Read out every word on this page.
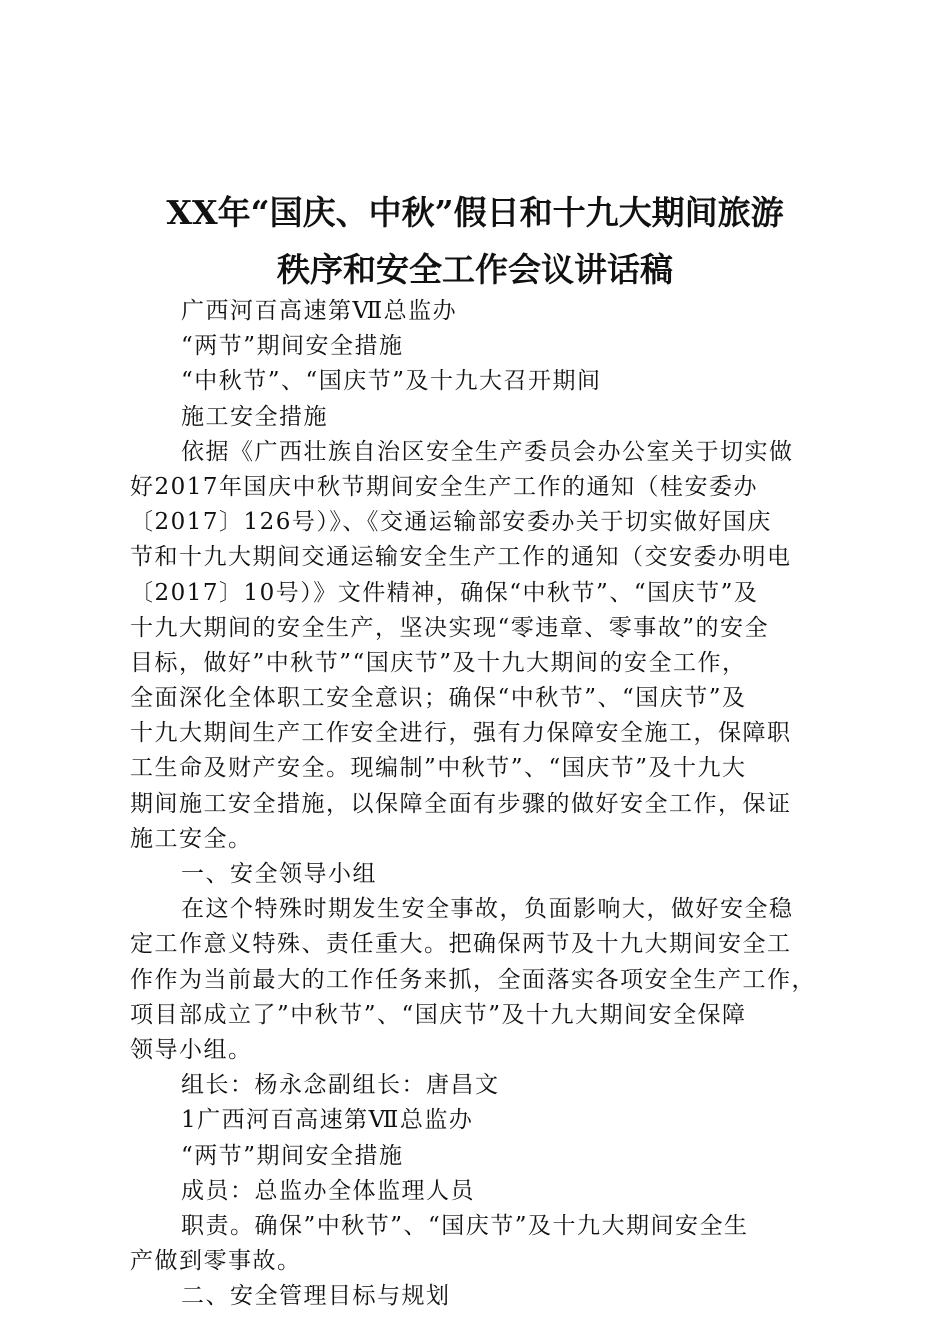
XX年“国庆、中秋”假日和十九大期间旅游
秩序和安全工作会议讲话稿
广西河百高速第Ⅶ总监办
“两节”期间安全措施
“中秋节”、“国庆节”及十九大召开期间
施工安全措施
依据《广西壮族自治区安全生产委员会办公室关于切实做
好2017年国庆中秋节期间安全生产工作的通知（桂安委办
〔2017〕126号）》、《交通运输部安委办关于切实做好国庆
节和十九大期间交通运输安全生产工作的通知（交安委办明电
〔2017〕10号）》文件精神，确保“中秋节”、“国庆节”及
十九大期间的安全生产，坚决实现“零违章、零事故”的安全
目标，做好”中秋节”“国庆节”及十九大期间的安全工作，
全面深化全体职工安全意识；确保“中秋节”、“国庆节”及
十九大期间生产工作安全进行，强有力保障安全施工，保障职
工生命及财产安全。现编制”中秋节”、“国庆节”及十九大
期间施工安全措施，以保障全面有步骤的做好安全工作，保证
施工安全。
一、安全领导小组
在这个特殊时期发生安全事故，负面影响大，做好安全稳
定工作意义特殊、责任重大。把确保两节及十九大期间安全工
作作为当前最大的工作任务来抓，全面落实各项安全生产工作，
项目部成立了”中秋节”、“国庆节”及十九大期间安全保障
领导小组。
组长：杨永念副组长：唐昌文
1广西河百高速第Ⅶ总监办
“两节”期间安全措施
成员：总监办全体监理人员
职责。确保”中秋节”、“国庆节”及十九大期间安全生
产做到零事故。
二、安全管理目标与规划
